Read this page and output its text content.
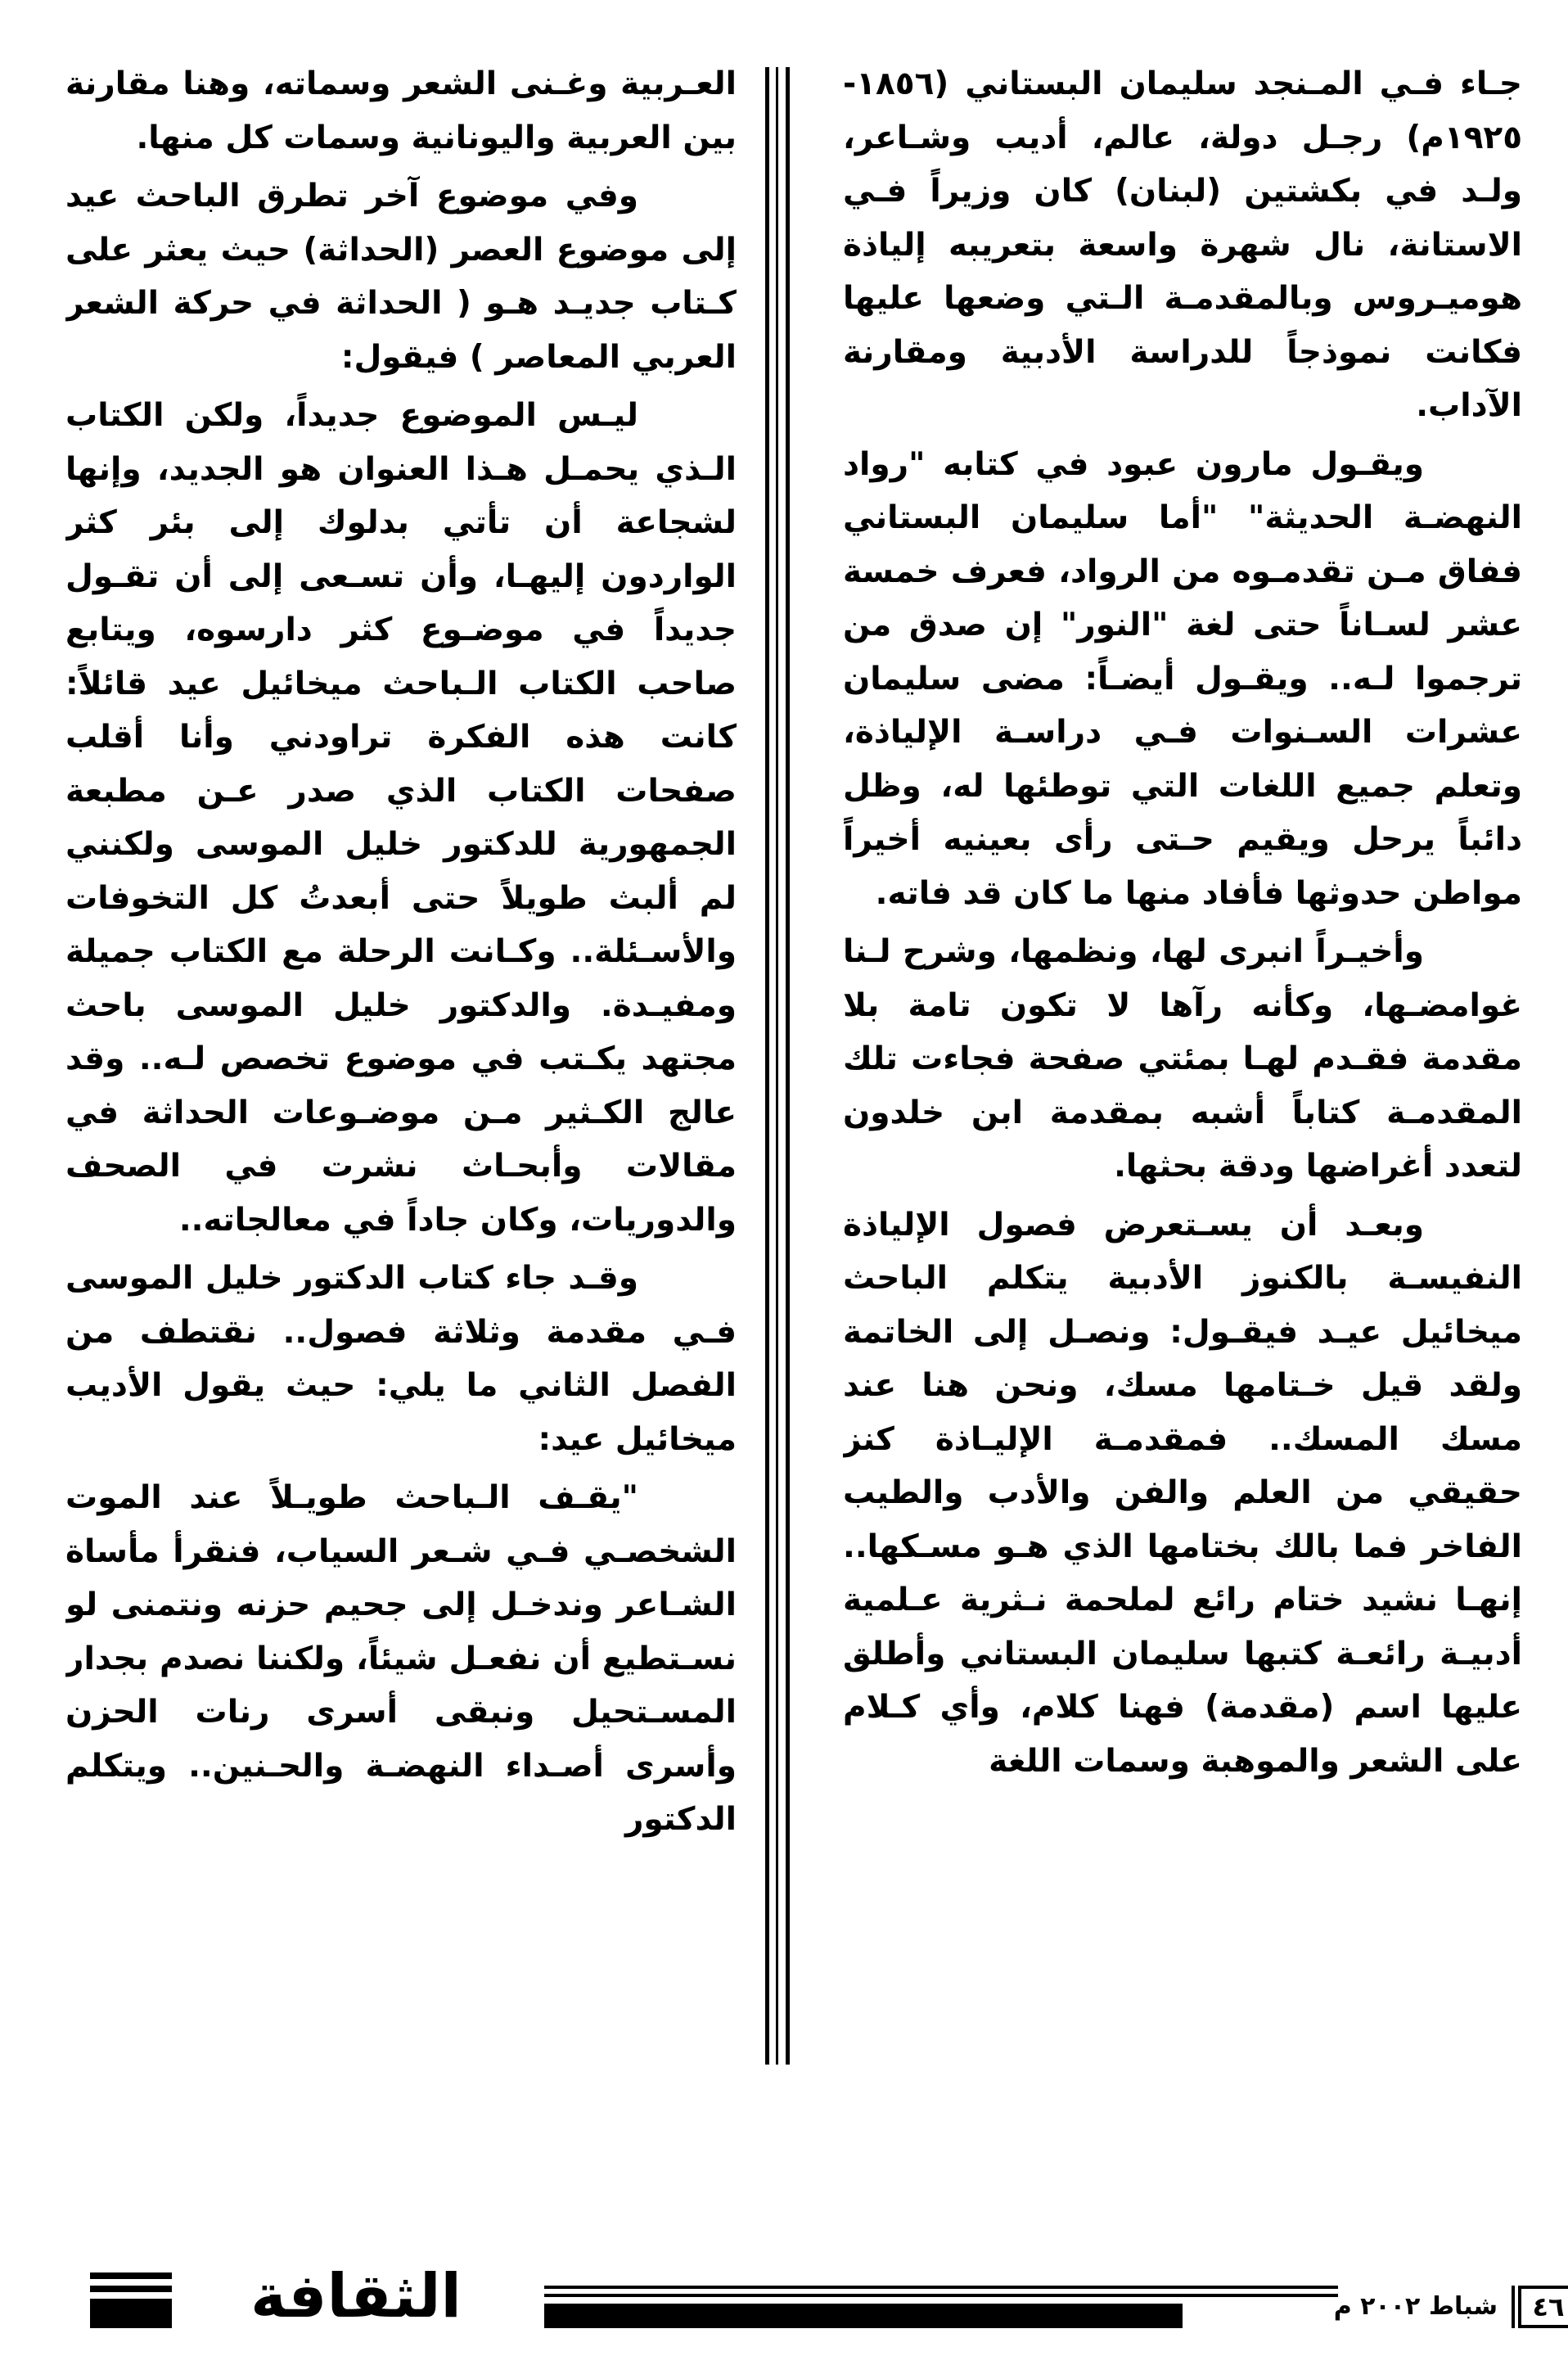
جـاء فـي المـنجد سليمان البستاني (١٨٥٦- ١٩٢٥م) رجـل دولة، عالم، أديب وشـاعر، ولـد في بكشتين (لبنان) كان وزيراً فـي الاستانة، نال شهرة واسعة بتعريبه إلياذة هوميـروس وبالمقدمـة الـتي وضعها عليها فكانت نموذجاً للدراسة الأدبية ومقارنة الآداب.

ويقـول مارون عبود في كتابه "رواد النهضـة الحديثة" "أما سليمان البستاني ففاق مـن تقدمـوه من الرواد، فعرف خمسة عشر لسـاناً حتى لغة "النور" إن صدق من ترجموا لـه.. ويقـول أيضـاً: مضى سليمان عشرات السـنوات فـي دراسـة الإلياذة، وتعلم جميع اللغات التي توطئها له، وظل دائباً يرحل ويقيم حـتى رأى بعينيه أخيراً مواطن حدوثها فأفاد منها ما كان قد فاته.

وأخيـراً انبرى لها، ونظمها، وشرح لـنا غوامضـها، وكأنه رآها لا تكون تامة بلا مقدمة فقـدم لهـا بمئتي صفحة فجاءت تلك المقدمـة كتاباً أشبه بمقدمة ابن خلدون لتعدد أغراضها ودقة بحثها.

وبعـد أن يسـتعرض فصول الإلياذة النفيسـة بالكنوز الأدبية يتكلم الباحث ميخائيل عيـد فيقـول: ونصـل إلى الخاتمة ولقد قيل خـتامها مسك، ونحن هنا عند مسك المسك.. فمقدمـة الإليـاذة كنز حقيقي من العلم والفن والأدب والطيب الفاخر فما بالك بختامها الذي هـو مسـكها.. إنهـا نشيد ختام رائع لملحمة نـثرية عـلمية أدبيـة رائعـة كتبها سليمان البستاني وأطلق عليها اسم (مقدمة) فهنا كلام، وأي كـلام على الشعر والموهبة وسمات اللغة

العـربية وغـنى الشعر وسماته، وهنا مقارنة بين العربية واليونانية وسمات كل منها.

وفي موضوع آخر تطرق الباحث عيد إلى موضوع العصر (الحداثة) حيث يعثر على كـتاب جديـد هـو ( الحداثة في حركة الشعر العربي المعاصر ) فيقول:

ليـس الموضوع جديداً، ولكن الكتاب الـذي يحمـل هـذا العنوان هو الجديد، وإنها لشجاعة أن تأتي بدلوك إلى بئر كثر الواردون إليهـا، وأن تسـعى إلى أن تقـول جديداً في موضـوع كثر دارسوه، ويتابع صاحب الكتاب الـباحث ميخائيل عيد قائلاً: كانت هذه الفكرة تراودني وأنا أقلب صفحات الكتاب الذي صدر عـن مطبعة الجمهورية للدكتور خليل الموسى ولكنني لم ألبث طويلاً حتى أبعدتُ كل التخوفات والأسـئلة.. وكـانت الرحلة مع الكتاب جميلة ومفيـدة. والدكتور خليل الموسى باحث مجتهد يكـتب في موضوع تخصص لـه.. وقد عالج الكـثير مـن موضـوعات الحداثة في مقالات وأبحـاث نشرت في الصحف والدوريات، وكان جاداً في معالجاته..

وقـد جاء كتاب الدكتور خليل الموسى فـي مقدمة وثلاثة فصول.. نقتطف من الفصل الثاني ما يلي: حيث يقول الأديب ميخائيل عيد:

"يقـف الـباحث طويـلاً عند الموت الشخصـي فـي شـعر السياب، فنقرأ مأساة الشـاعر وندخـل إلى جحيم حزنه ونتمنى لو نسـتطيع أن نفعـل شيئاً، ولكننا نصدم بجدار المسـتحيل ونبقى أسرى رنات الحزن وأسرى أصـداء النهضـة والحـنين.. ويتكلم الدكتور

الثقافة	شباط ٢٠٠٢ م	٤٦
